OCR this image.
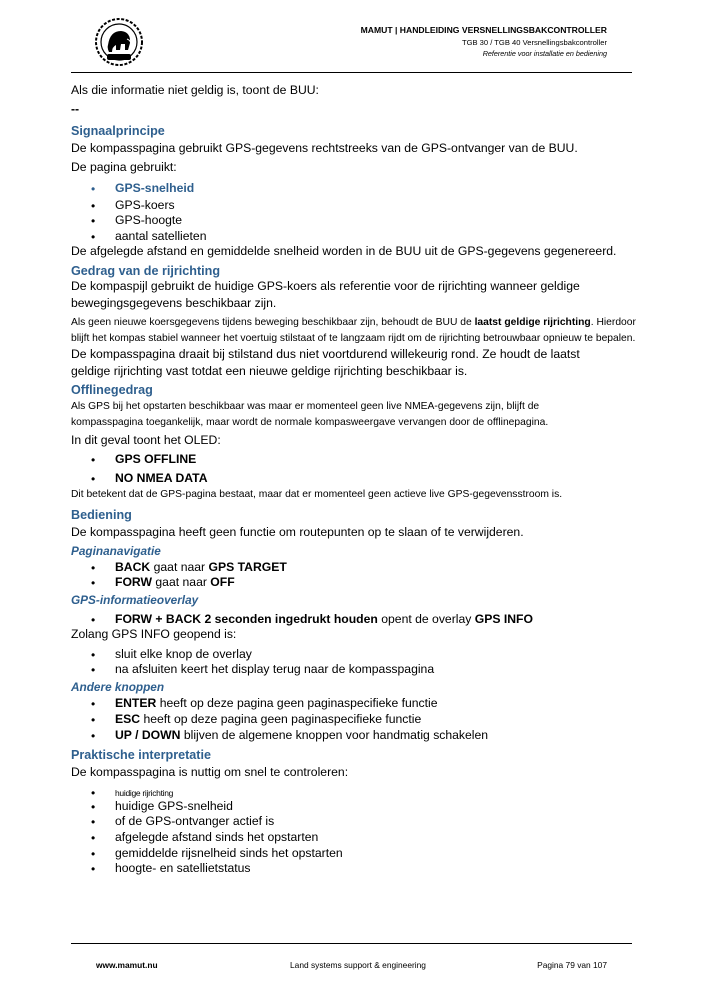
MAMUT | HANDLEIDING VERSNELLINGSBAKCONTROLLER
TGB 30 / TGB 40 Versnellingsbakcontroller
Referentie voor installatie en bediening
Als die informatie niet geldig is, toont de BUU:
--
Signaalprincipe
De kompasspagina gebruikt GPS-gegevens rechtstreeks van de GPS-ontvanger van de BUU.
De pagina gebruikt:
• GPS-snelheid
• GPS-koers
• GPS-hoogte
• aantal satellieten
De afgelegde afstand en gemiddelde snelheid worden in de BUU uit de GPS-gegevens gegenereerd.
Gedrag van de rijrichting
De kompaspijl gebruikt de huidige GPS-koers als referentie voor de rijrichting wanneer geldige
bewegingsgegevens beschikbaar zijn.
Als geen nieuwe koersgegevens tijdens beweging beschikbaar zijn, behoudt de BUU de laatst geldige rijrichting. Hierdoor
blijft het kompas stabiel wanneer het voertuig stilstaat of te langzaam rijdt om de rijrichting betrouwbaar opnieuw te bepalen.
De kompasspagina draait bij stilstand dus niet voortdurend willekeurig rond. Ze houdt de laatst
geldige rijrichting vast totdat een nieuwe geldige rijrichting beschikbaar is.
Offlinegedrag
Als GPS bij het opstarten beschikbaar was maar er momenteel geen live NMEA-gegevens zijn, blijft de
kompasspagina toegankelijk, maar wordt de normale kompasweergave vervangen door de offlinepagina.
In dit geval toont het OLED:
• GPS OFFLINE
• NO NMEA DATA
Dit betekent dat de GPS-pagina bestaat, maar dat er momenteel geen actieve live GPS-gegevensstroom is.
Bediening
De kompasspagina heeft geen functie om routepunten op te slaan of te verwijderen.
Paginanavigatie
• BACK gaat naar GPS TARGET
• FORW gaat naar OFF
GPS-informatieoverlay
• FORW + BACK 2 seconden ingedrukt houden opent de overlay GPS INFO
Zolang GPS INFO geopend is:
• sluit elke knop de overlay
• na afsluiten keert het display terug naar de kompasspagina
Andere knoppen
• ENTER heeft op deze pagina geen paginaspecifieke functie
• ESC heeft op deze pagina geen paginaspecifieke functie
• UP / DOWN blijven de algemene knoppen voor handmatig schakelen
Praktische interpretatie
De kompasspagina is nuttig om snel te controleren:
• huidige rijrichting
• huidige GPS-snelheid
• of de GPS-ontvanger actief is
• afgelegde afstand sinds het opstarten
• gemiddelde rijsnelheid sinds het opstarten
• hoogte- en satellietstatus
www.mamut.nu	Land systems support & engineering	Pagina 79 van 107
